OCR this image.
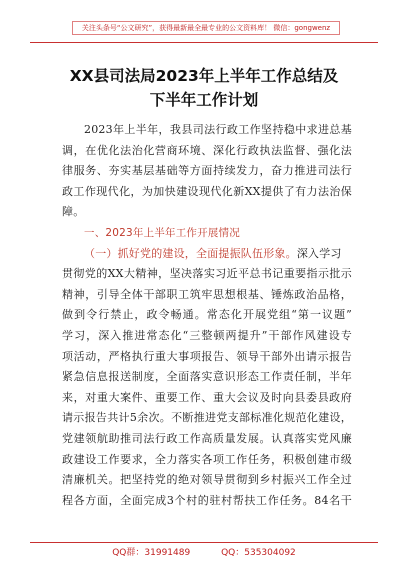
关注头条号“公文研究”，获得最新最全最专业的公文资料库！ 微信：gongwenz
XX县司法局2023年上半年工作总结及
下半年工作计划
2023年上半年，我县司法行政工作坚持稳中求进总基
调，在优化法治化营商环境、深化行政执法监督、强化法
律服务、夯实基层基础等方面持续发力，奋力推进司法行
政工作现代化，为加快建设现代化新XX提供了有力法治保
障。
一、2023年上半年工作开展情况
（一）抓好党的建设，全面提振队伍形象。深入学习
贯彻党的XX大精神，坚决落实习近平总书记重要指示批示
精神，引导全体干部职工筑牢思想根基、锤炼政治品格，
做到令行禁止，政令畅通。常态化开展党组“第一议题”
学习，深入推进常态化“三整顿两提升”干部作风建设专
项活动，严格执行重大事项报告、领导干部外出请示报告
紧急信息报送制度，全面落实意识形态工作责任制，半年
来，对重大案件、重要工作、重大会议及时向县委县政府
请示报告共计5余次。不断推进党支部标准化规范化建设，
党建领航助推司法行政工作高质量发展。认真落实党风廉
政建设工作要求，全力落实各项工作任务，积极创建市级
清廉机关。把坚持党的绝对领导贯彻到乡村振兴工作全过
程各方面，全面完成3个村的驻村帮扶工作任务。84名干
QQ群：31991489	QQ：535304092
